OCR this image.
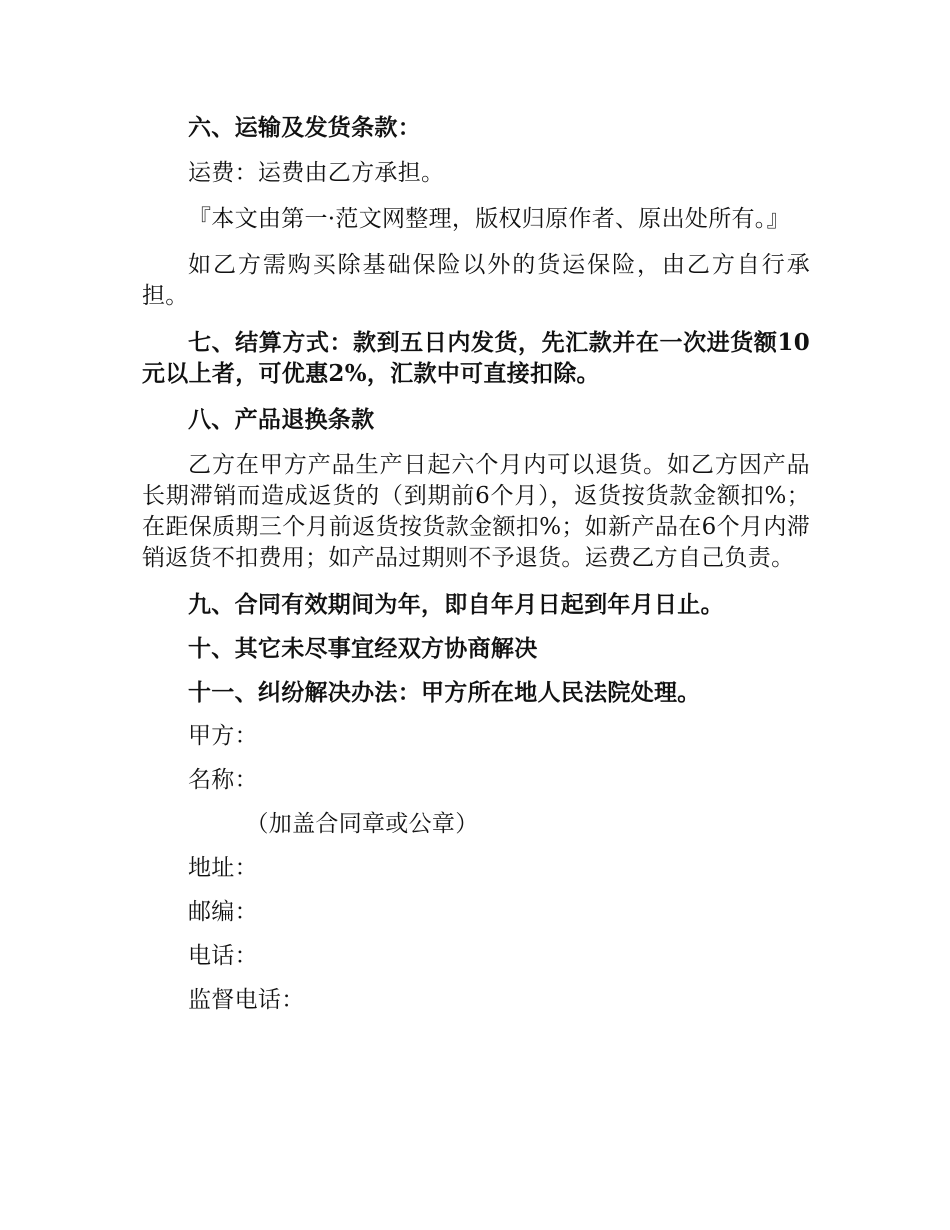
六、运输及发货条款：

运费：运费由乙方承担。

『本文由第一·范文网整理，版权归原作者、原出处所有。』

如乙方需购买除基础保险以外的货运保险，由乙方自行承担。

七、结算方式：款到五日内发货，先汇款并在一次进货额10元以上者，可优惠2%，汇款中可直接扣除。

八、产品退换条款

乙方在甲方产品生产日起六个月内可以退货。如乙方因产品长期滞销而造成返货的（到期前6个月），返货按货款金额扣%；在距保质期三个月前返货按货款金额扣%；如新产品在6个月内滞销返货不扣费用；如产品过期则不予退货。运费乙方自己负责。

九、合同有效期间为年，即自年月日起到年月日止。

十、其它未尽事宜经双方协商解决

十一、纠纷解决办法：甲方所在地人民法院处理。

甲方：

名称：

（加盖合同章或公章）

地址：

邮编：

电话：

监督电话：
